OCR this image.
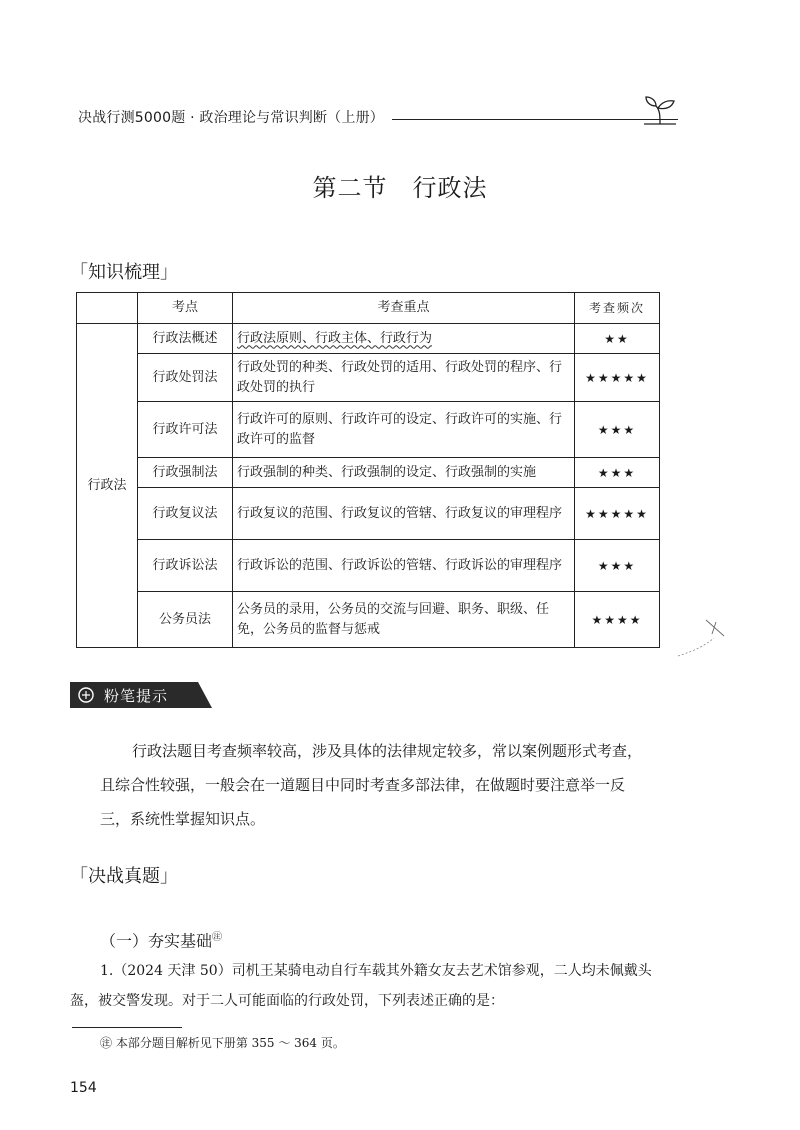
决战行测5000题 · 政治理论与常识判断（上册）
第二节　行政法
「知识梳理」
	考点	考查重点	考查频次
行政法	行政法概述	行政法原则、行政主体、行政行为	★★
	行政处罚法	行政处罚的种类、行政处罚的适用、行政处罚的程序、行政处罚的执行	★★★★★
	行政许可法	行政许可的原则、行政许可的设定、行政许可的实施、行政许可的监督	★★★
	行政强制法	行政强制的种类、行政强制的设定、行政强制的实施	★★★
	行政复议法	行政复议的范围、行政复议的管辖、行政复议的审理程序	★★★★★
	行政诉讼法	行政诉讼的范围、行政诉讼的管辖、行政诉讼的审理程序	★★★
	公务员法	公务员的录用，公务员的交流与回避、职务、职级、任免，公务员的监督与惩戒	★★★★
粉笔提示

行政法题目考查频率较高，涉及具体的法律规定较多，常以案例题形式考查，且综合性较强，一般会在一道题目中同时考查多部法律，在做题时要注意举一反三，系统性掌握知识点。

「决战真题」
（一）夯实基础㊟

1.（2024 天津 50）司机王某骑电动自行车载其外籍女友去艺术馆参观，二人均未佩戴头盔，被交警发现。对于二人可能面临的行政处罚，下列表述正确的是：

㊟ 本部分题目解析见下册第 355 ～ 364 页。
154
